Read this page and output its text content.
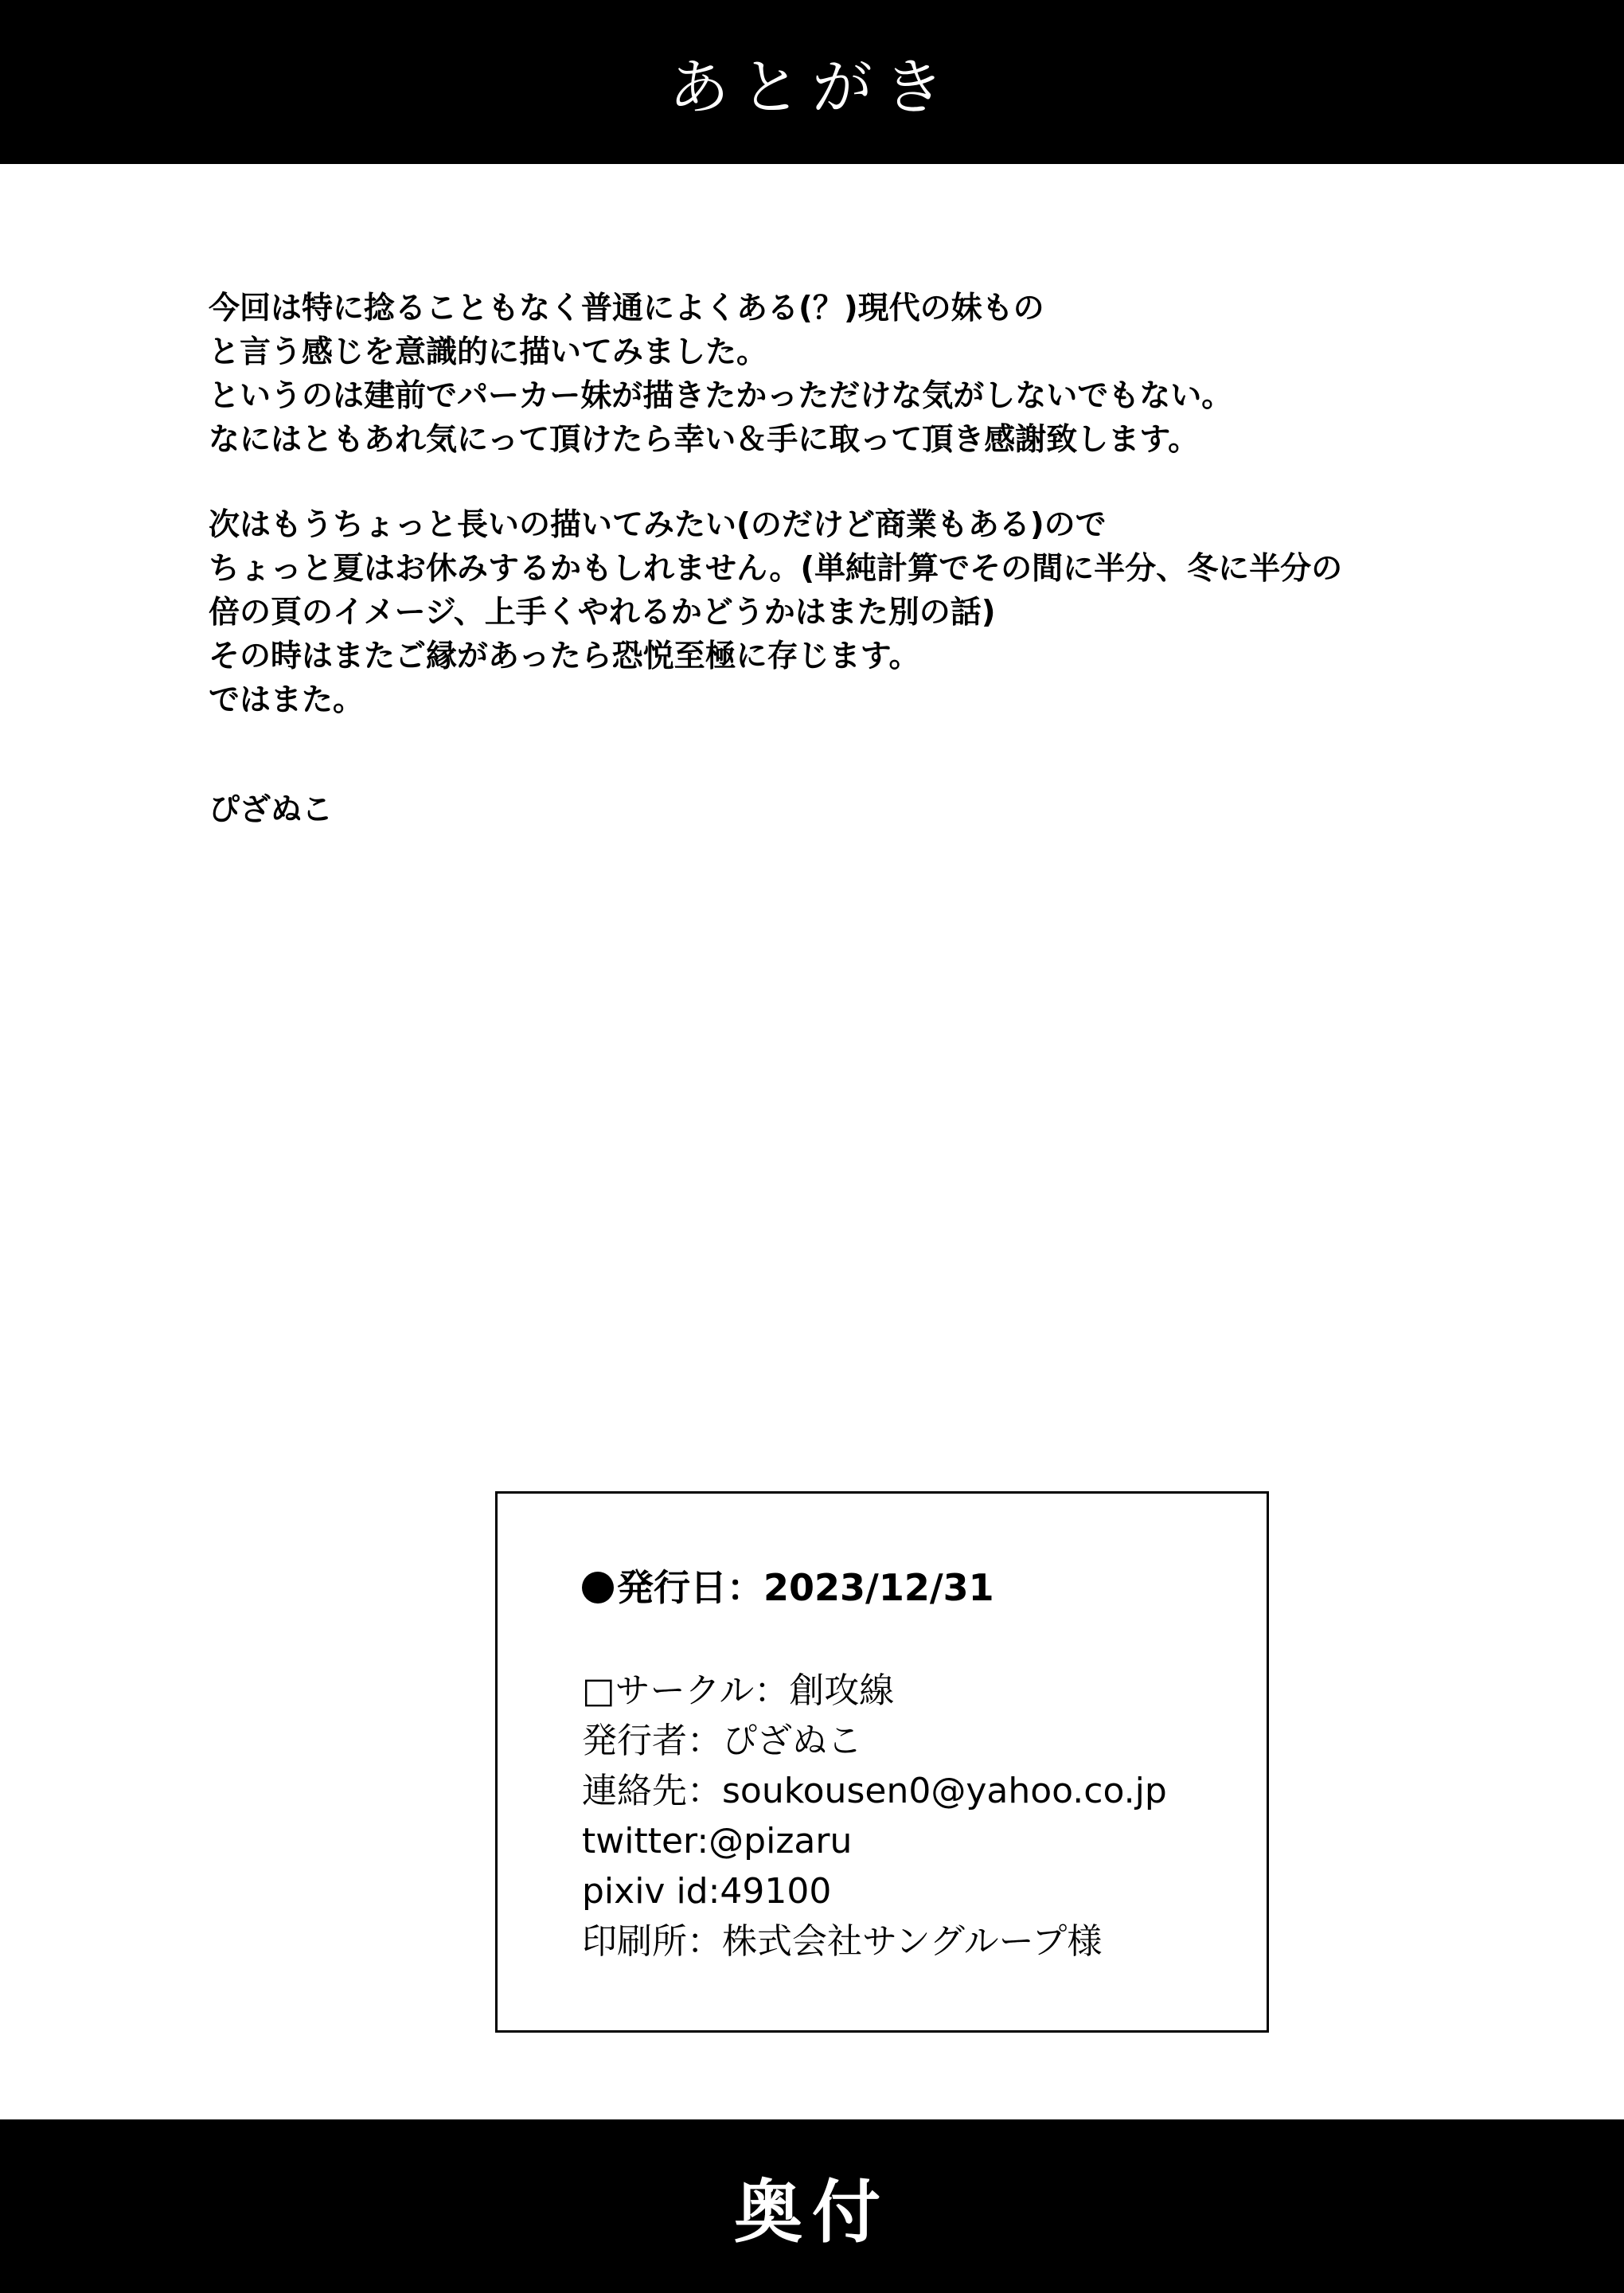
あとがき
今回は特に捻ることもなく普通によくある(？)現代の妹もの
と言う感じを意識的に描いてみました。
というのは建前でパーカー妹が描きたかっただけな気がしないでもない。
なにはともあれ気にって頂けたら幸い＆手に取って頂き感謝致します。
次はもうちょっと長いの描いてみたい(のだけど商業もある)ので
ちょっと夏はお休みするかもしれません。(単純計算でその間に半分、冬に半分の
倍の頁のイメージ、上手くやれるかどうかはまた別の話)
その時はまたご縁があったら恐悦至極に存じます。
ではまた。
ぴざぬこ
発行日：2023/12/31
□サークル：創攻線
発行者：ぴざぬこ
連絡先：soukousen0@yahoo.co.jp
twitter:@pizaru
pixiv id:49100
印刷所：株式会社サングループ様
奥付
